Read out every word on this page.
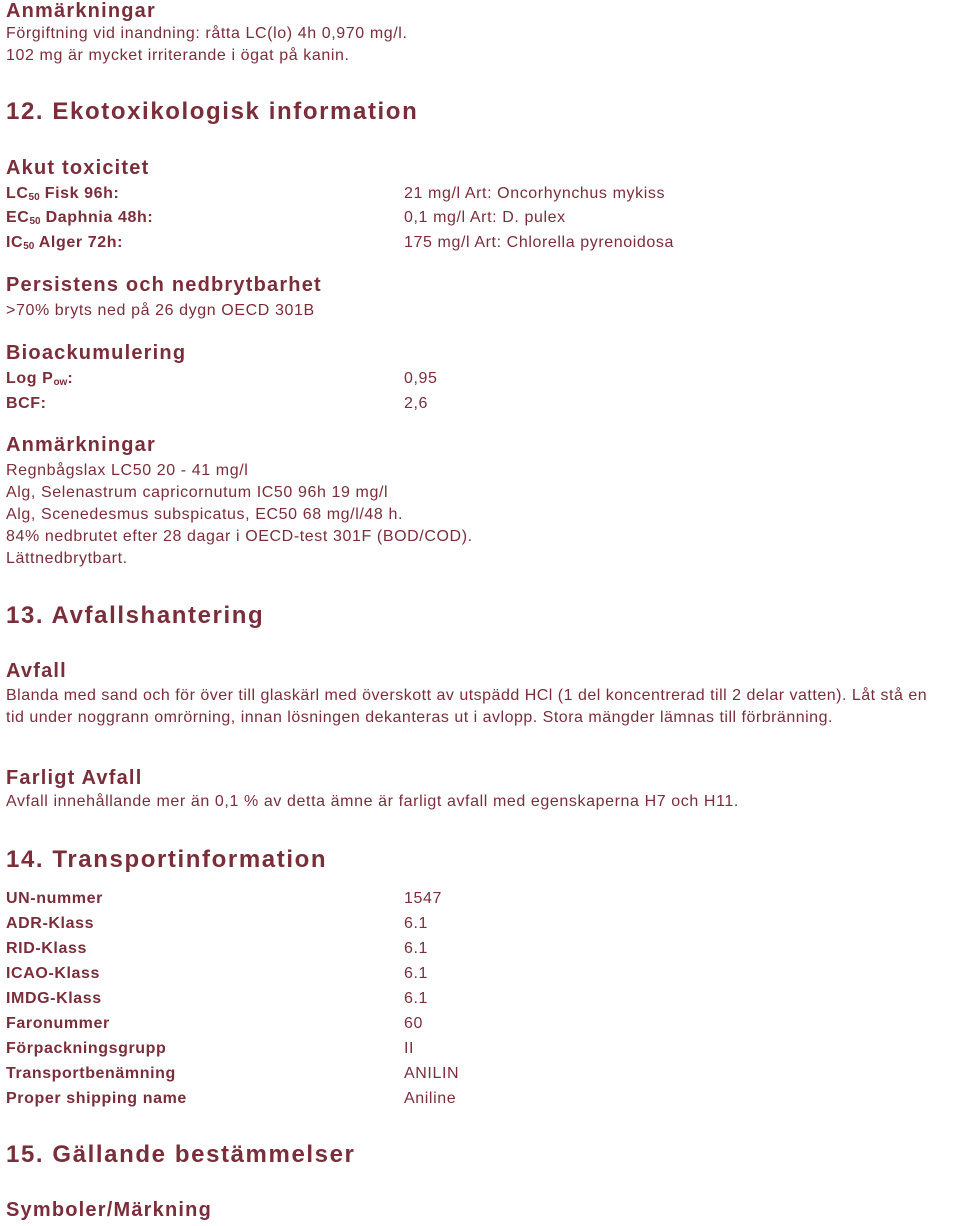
Anmärkningar
Förgiftning vid inandning: råtta LC(lo) 4h 0,970 mg/l.
102 mg är mycket irriterande i ögat på kanin.
12. Ekotoxikologisk information
Akut toxicitet
$LC_{50}$ Fisk 96h:	21 mg/l Art: Oncorhynchus mykiss
$EC_{50}$ Daphnia 48h:	0,1 mg/l Art: D. pulex
$IC_{50}$ Alger 72h:	175 mg/l Art: Chlorella pyrenoidosa
Persistens och nedbrytbarhet
>70% bryts ned på 26 dygn OECD 301B
Bioackumulering
Log $P_{ow}$:	0,95
BCF:	2,6
Anmärkningar
Regnbågslax LC50 20 - 41 mg/l
Alg, Selenastrum capricornutum IC50 96h 19 mg/l
Alg, Scenedesmus subspicatus, EC50 68 mg/l/48 h.
84% nedbrutet efter 28 dagar i OECD-test 301F (BOD/COD).
Lättnedbrytbart.
13. Avfallshantering
Avfall
Blanda med sand och för över till glaskärl med överskott av utspädd HCl (1 del koncentrerad till 2 delar vatten). Låt stå en tid under noggrann omrörning, innan lösningen dekanteras ut i avlopp. Stora mängder lämnas till förbränning.
Farligt Avfall
Avfall innehållande mer än 0,1 % av detta ämne är farligt avfall med egenskaperna H7 och H11.
14. Transportinformation
UN-nummer	1547
ADR-Klass	6.1
RID-Klass	6.1
ICAO-Klass	6.1
IMDG-Klass	6.1
Faronummer	60
Förpackningsgrupp	II
Transportbenämning	ANILIN
Proper shipping name	Aniline
15. Gällande bestämmelser
Symboler/Märkning
